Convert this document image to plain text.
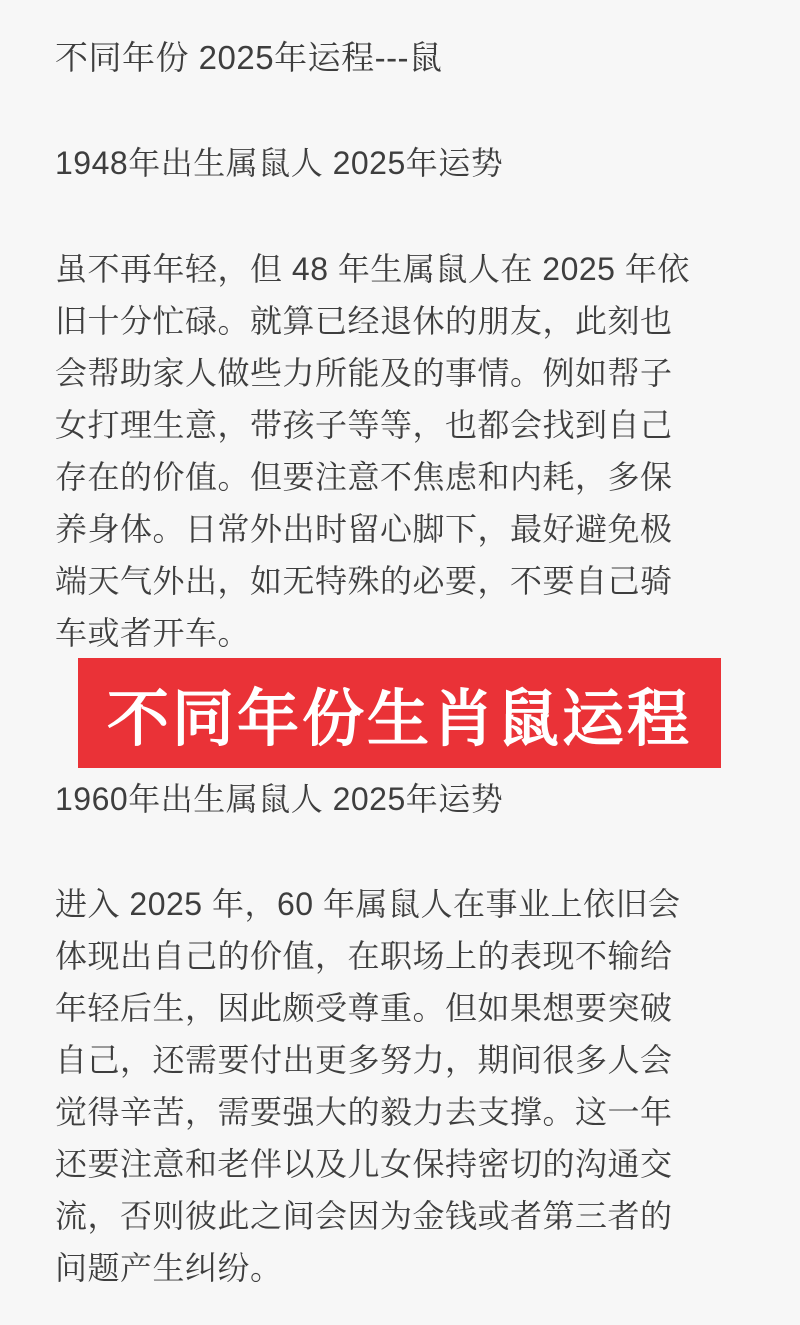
不同年份 2025年运程---鼠
1948年出生属鼠人 2025年运势
虽不再年轻，但 48 年生属鼠人在 2025 年依
旧十分忙碌。就算已经退休的朋友，此刻也
会帮助家人做些力所能及的事情。例如帮子
女打理生意，带孩子等等，也都会找到自己
存在的价值。但要注意不焦虑和内耗，多保
养身体。日常外出时留心脚下，最好避免极
端天气外出，如无特殊的必要，不要自己骑
车或者开车。
不同年份生肖鼠运程
1960年出生属鼠人 2025年运势
进入 2025 年，60 年属鼠人在事业上依旧会
体现出自己的价值，在职场上的表现不输给
年轻后生，因此颇受尊重。但如果想要突破
自己，还需要付出更多努力，期间很多人会
觉得辛苦，需要强大的毅力去支撑。这一年
还要注意和老伴以及儿女保持密切的沟通交
流，否则彼此之间会因为金钱或者第三者的
问题产生纠纷。
